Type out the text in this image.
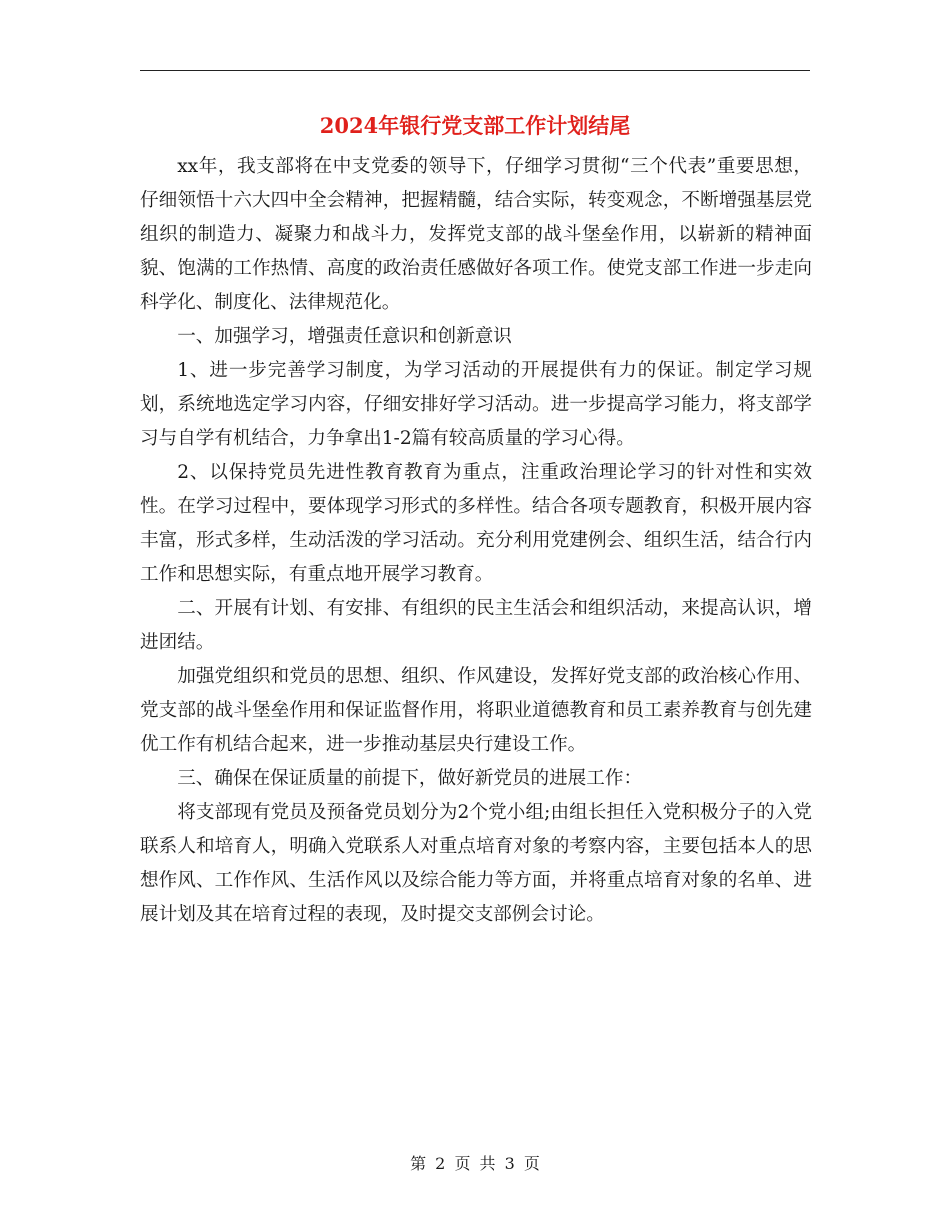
2024年银行党支部工作计划结尾

xx年，我支部将在中支党委的领导下，仔细学习贯彻“三个代表”重要思想，仔细领悟十六大四中全会精神，把握精髓，结合实际，转变观念，不断增强基层党组织的制造力、凝聚力和战斗力，发挥党支部的战斗堡垒作用，以崭新的精神面貌、饱满的工作热情、高度的政治责任感做好各项工作。使党支部工作进一步走向科学化、制度化、法律规范化。

一、加强学习，增强责任意识和创新意识

1、进一步完善学习制度，为学习活动的开展提供有力的保证。制定学习规划，系统地选定学习内容，仔细安排好学习活动。进一步提高学习能力，将支部学习与自学有机结合，力争拿出1-2篇有较高质量的学习心得。

2、以保持党员先进性教育教育为重点，注重政治理论学习的针对性和实效性。在学习过程中，要体现学习形式的多样性。结合各项专题教育，积极开展内容丰富，形式多样，生动活泼的学习活动。充分利用党建例会、组织生活，结合行内工作和思想实际，有重点地开展学习教育。

二、开展有计划、有安排、有组织的民主生活会和组织活动，来提高认识，增进团结。

加强党组织和党员的思想、组织、作风建设，发挥好党支部的政治核心作用、党支部的战斗堡垒作用和保证监督作用，将职业道德教育和员工素养教育与创先建优工作有机结合起来，进一步推动基层央行建设工作。

三、确保在保证质量的前提下，做好新党员的进展工作：

将支部现有党员及预备党员划分为2个党小组;由组长担任入党积极分子的入党联系人和培育人，明确入党联系人对重点培育对象的考察内容，主要包括本人的思想作风、工作作风、生活作风以及综合能力等方面，并将重点培育对象的名单、进展计划及其在培育过程的表现，及时提交支部例会讨论。

第 2 页 共 3 页
